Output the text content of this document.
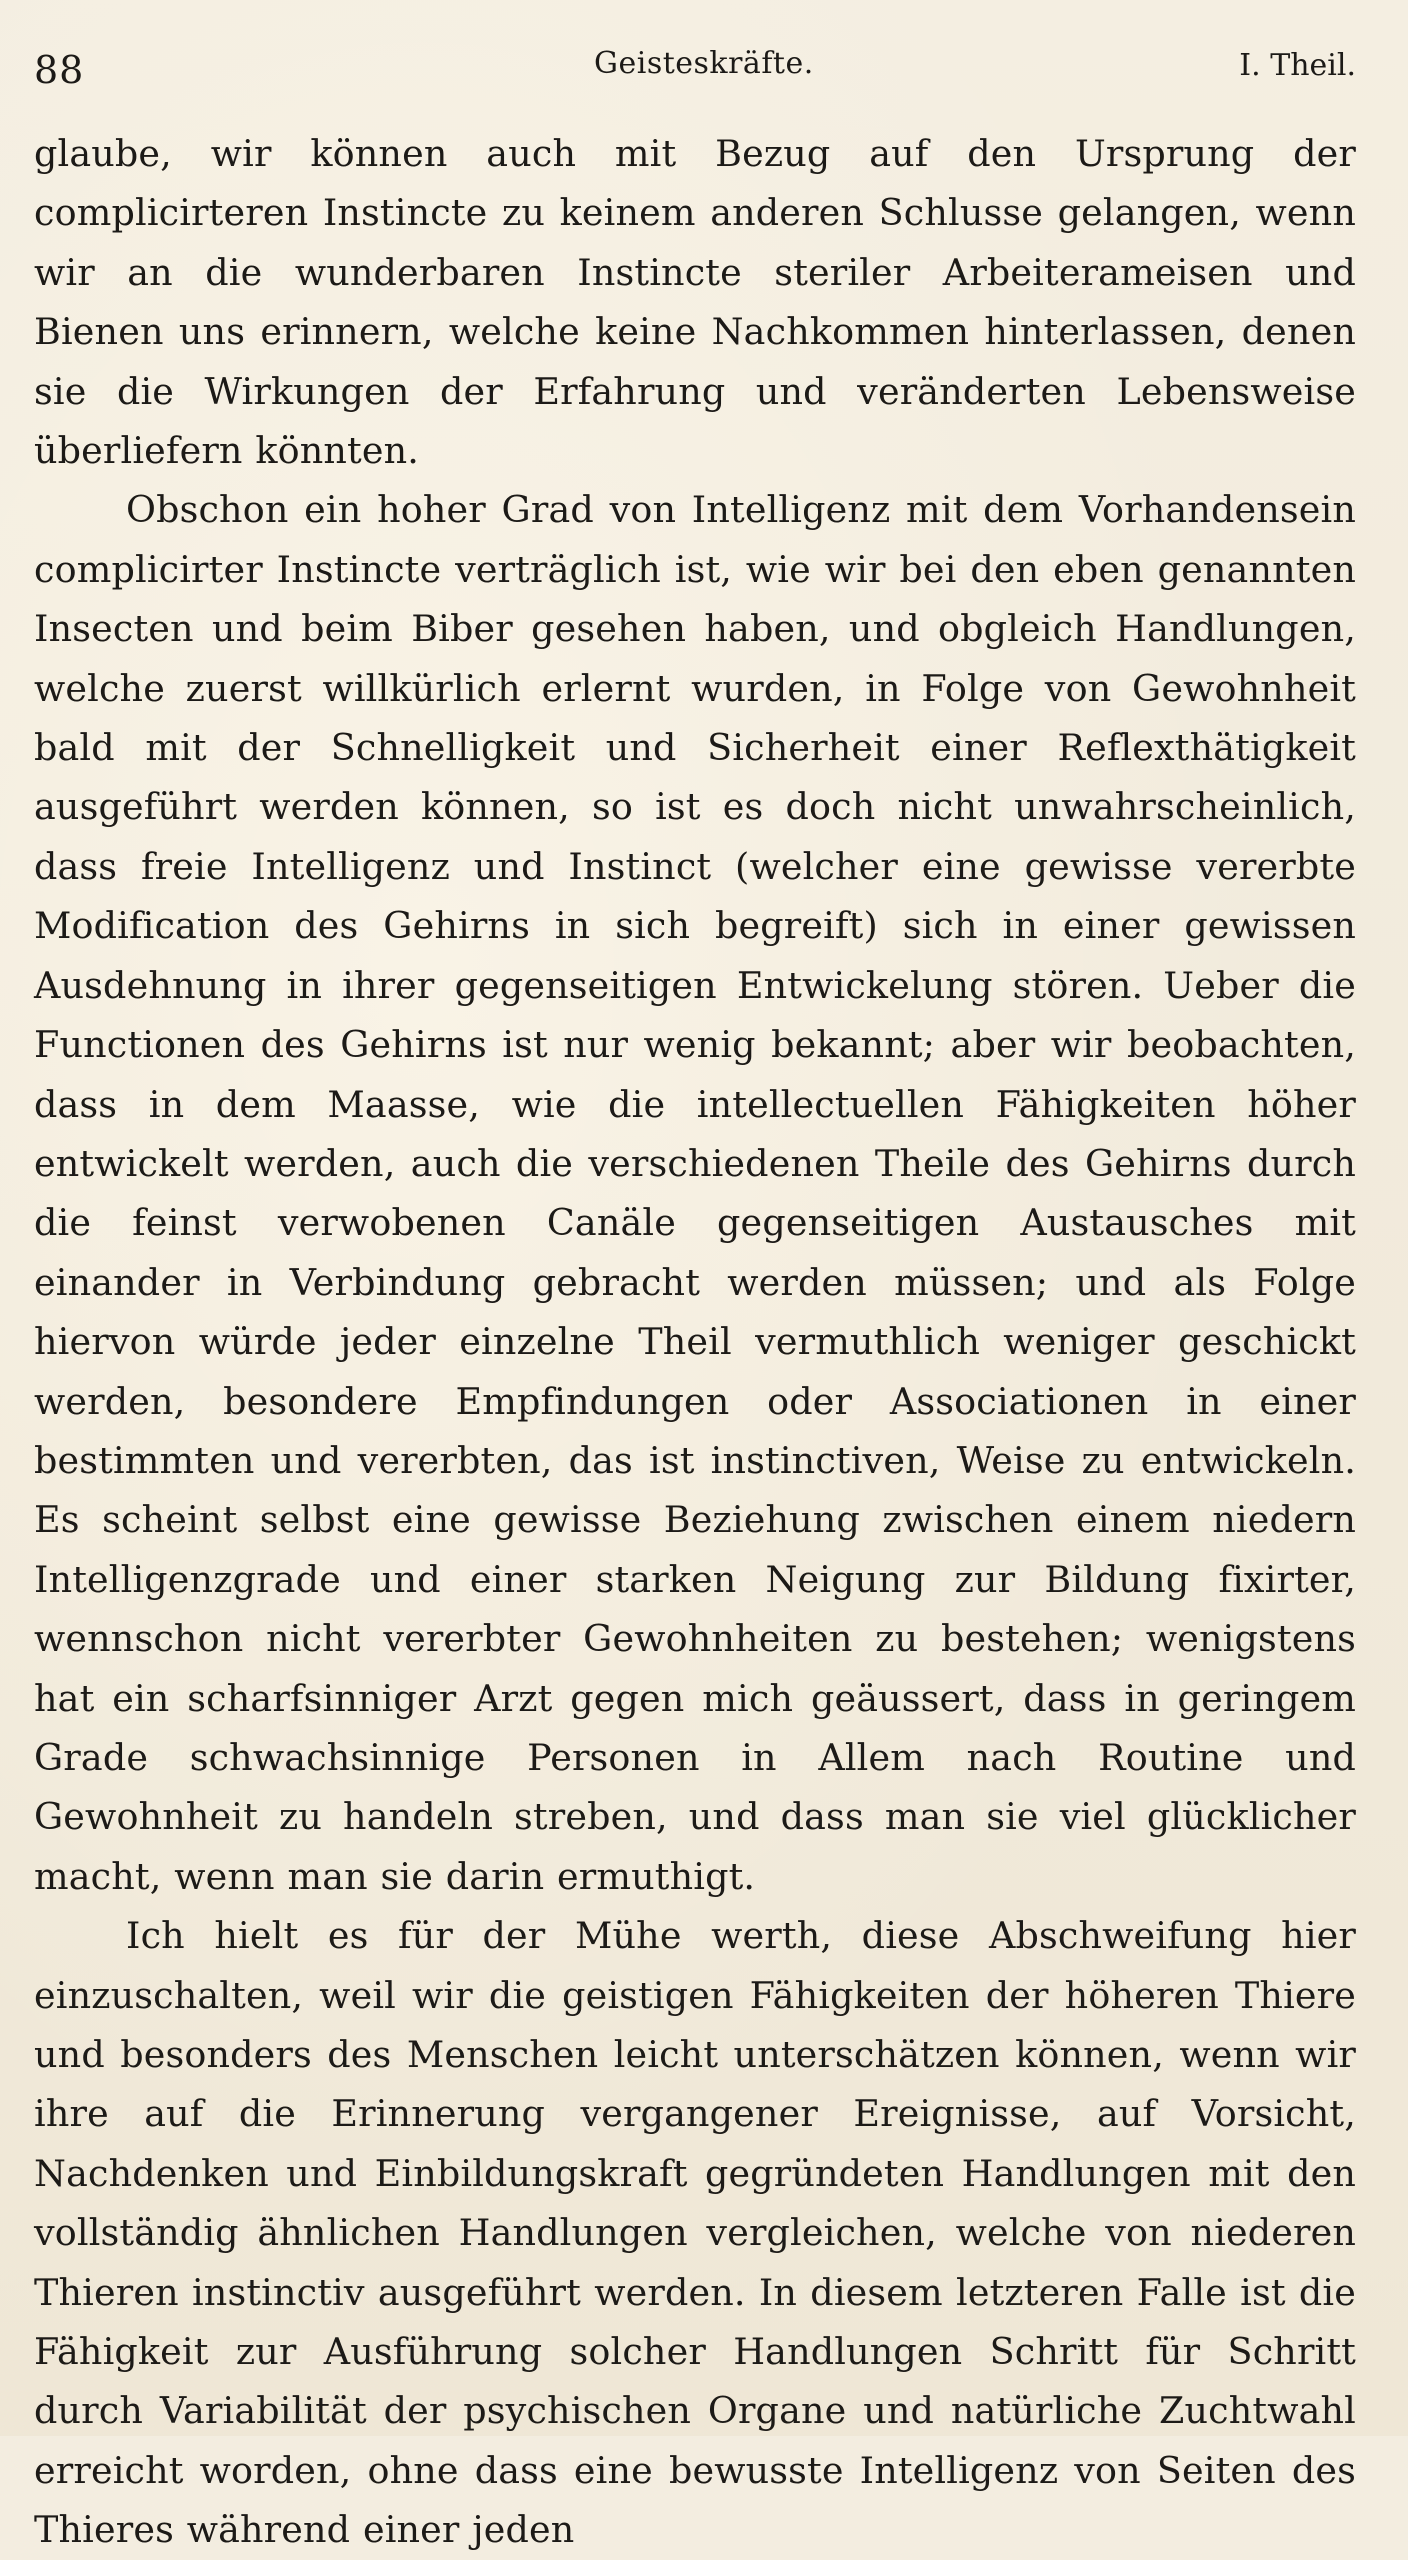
88	Geisteskräfte.	I. Theil.

glaube, wir können auch mit Bezug auf den Ursprung der complicirteren Instincte zu keinem anderen Schlusse gelangen, wenn wir an die wunderbaren Instincte steriler Arbeiterameisen und Bienen uns erinnern, welche keine Nachkommen hinterlassen, denen sie die Wirkungen der Erfahrung und veränderten Lebensweise überliefern könnten.

Obschon ein hoher Grad von Intelligenz mit dem Vorhandensein complicirter Instincte verträglich ist, wie wir bei den eben genannten Insecten und beim Biber gesehen haben, und obgleich Handlungen, welche zuerst willkürlich erlernt wurden, in Folge von Gewohnheit bald mit der Schnelligkeit und Sicherheit einer Reflexthätigkeit ausgeführt werden können, so ist es doch nicht unwahrscheinlich, dass freie Intelligenz und Instinct (welcher eine gewisse vererbte Modification des Gehirns in sich begreift) sich in einer gewissen Ausdehnung in ihrer gegenseitigen Entwickelung stören. Ueber die Functionen des Gehirns ist nur wenig bekannt; aber wir beobachten, dass in dem Maasse, wie die intellectuellen Fähigkeiten höher entwickelt werden, auch die verschiedenen Theile des Gehirns durch die feinst verwobenen Canäle gegenseitigen Austausches mit einander in Verbindung gebracht werden müssen; und als Folge hiervon würde jeder einzelne Theil vermuthlich weniger geschickt werden, besondere Empfindungen oder Associationen in einer bestimmten und vererbten, das ist instinctiven, Weise zu entwickeln. Es scheint selbst eine gewisse Beziehung zwischen einem niedern Intelligenzgrade und einer starken Neigung zur Bildung fixirter, wennschon nicht vererbter Gewohnheiten zu bestehen; wenigstens hat ein scharfsinniger Arzt gegen mich geäussert, dass in geringem Grade schwachsinnige Personen in Allem nach Routine und Gewohnheit zu handeln streben, und dass man sie viel glücklicher macht, wenn man sie darin ermuthigt.

Ich hielt es für der Mühe werth, diese Abschweifung hier einzuschalten, weil wir die geistigen Fähigkeiten der höheren Thiere und besonders des Menschen leicht unterschätzen können, wenn wir ihre auf die Erinnerung vergangener Ereignisse, auf Vorsicht, Nachdenken und Einbildungskraft gegründeten Handlungen mit den vollständig ähnlichen Handlungen vergleichen, welche von niederen Thieren instinctiv ausgeführt werden. In diesem letzteren Falle ist die Fähigkeit zur Ausführung solcher Handlungen Schritt für Schritt durch Variabilität der psychischen Organe und natürliche Zuchtwahl erreicht worden, ohne dass eine bewusste Intelligenz von Seiten des Thieres während einer jeden
